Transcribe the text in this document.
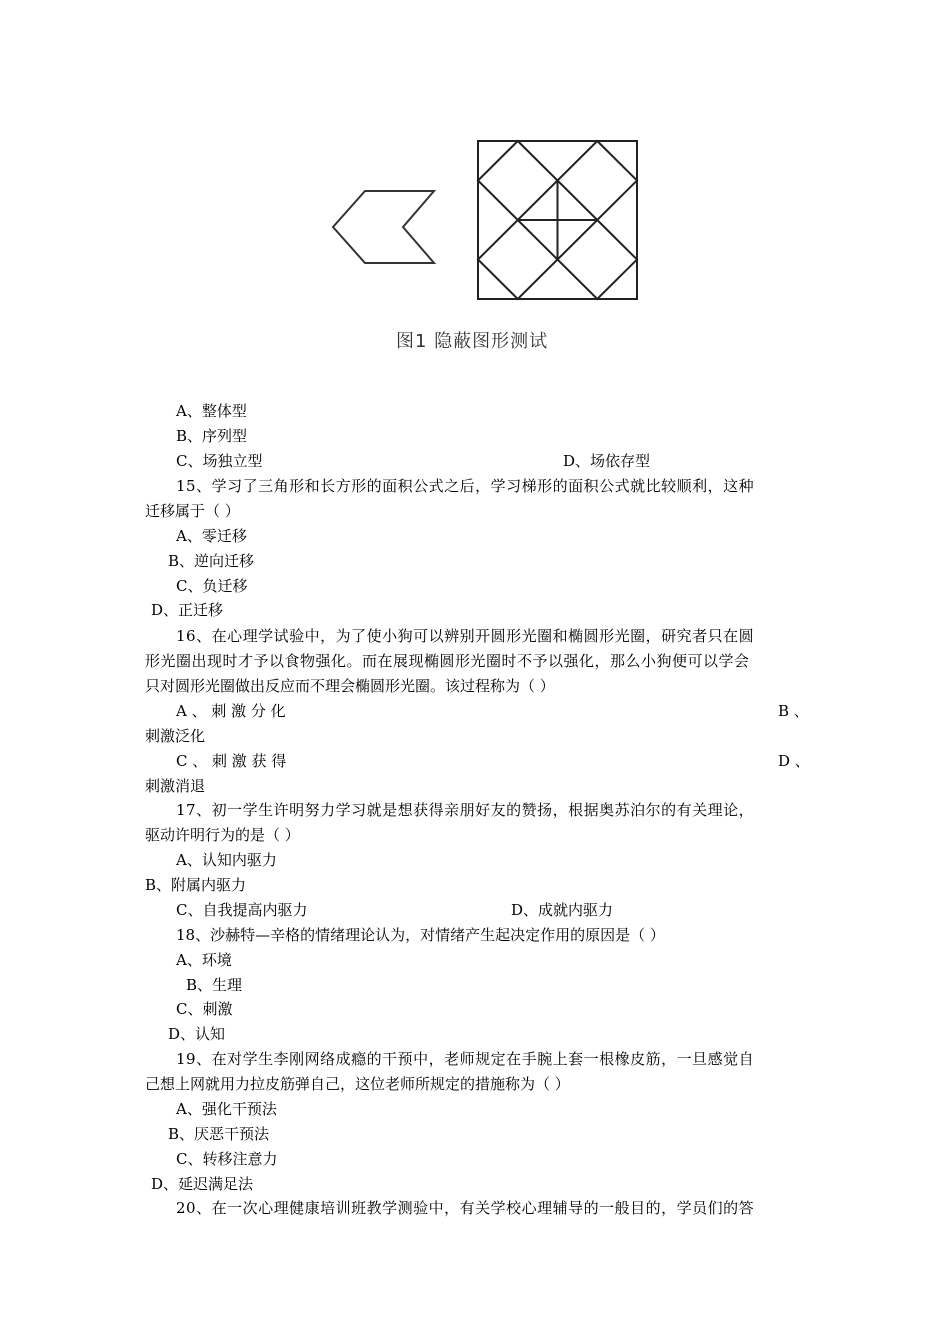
图1 隐蔽图形测试
A、整体型
B、序列型
C、场独立型	D、场依存型
15、学习了三角形和长方形的面积公式之后，学习梯形的面积公式就比较顺利，这种
迁移属于（ ）
A、零迁移
B、逆向迁移
C、负迁移
D、正迁移
16、在心理学试验中，为了使小狗可以辨别开圆形光圈和椭圆形光圈，研究者只在圆
形光圈出现时才予以食物强化。而在展现椭圆形光圈时不予以强化，那么小狗便可以学会
只对圆形光圈做出反应而不理会椭圆形光圈。该过程称为（ ）
A 、 刺 激 分 化	B 、
刺激泛化
C 、 刺 激 获 得	D 、
刺激消退
17、初一学生许明努力学习就是想获得亲朋好友的赞扬，根据奥苏泊尔的有关理论，
驱动许明行为的是（ ）
A、认知内驱力
B、附属内驱力
C、自我提高内驱力	D、成就内驱力
18、沙赫特—辛格的情绪理论认为，对情绪产生起决定作用的原因是（ ）
A、环境
B、生理
C、刺激
D、认知
19、在对学生李刚网络成瘾的干预中，老师规定在手腕上套一根橡皮筋，一旦感觉自
己想上网就用力拉皮筋弹自己，这位老师所规定的措施称为（ ）
A、强化干预法
B、厌恶干预法
C、转移注意力
D、延迟满足法
20、在一次心理健康培训班教学测验中，有关学校心理辅导的一般目的，学员们的答
